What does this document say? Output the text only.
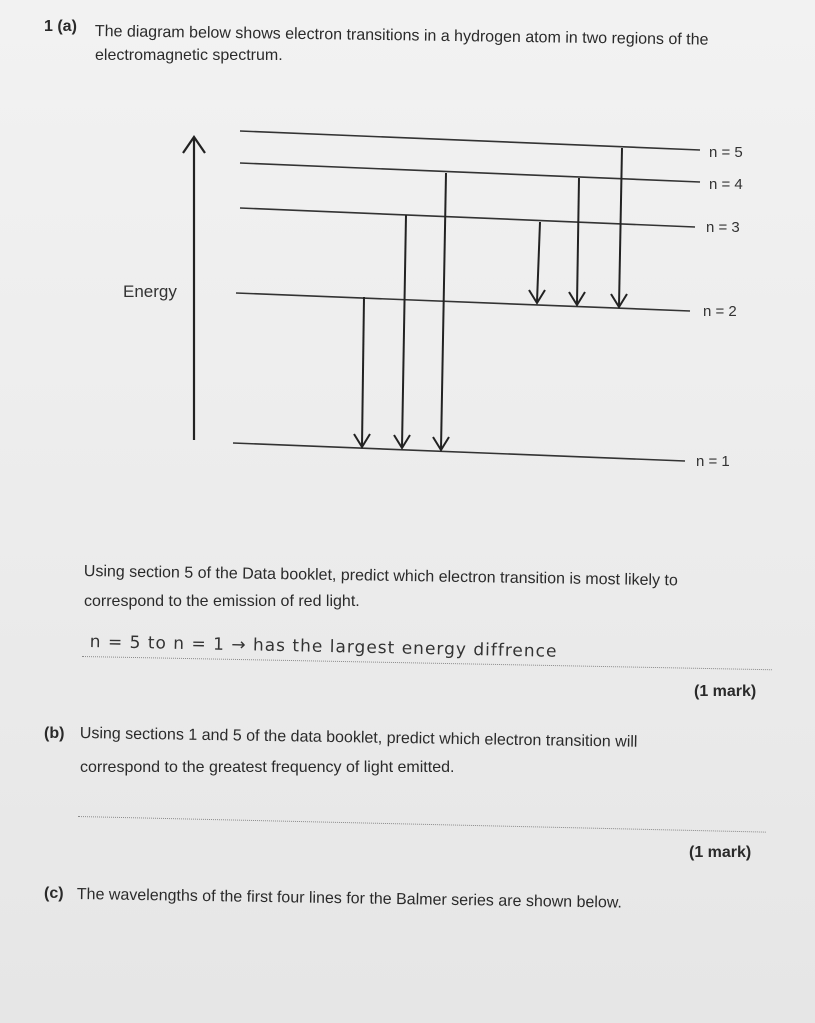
1 (a) The diagram below shows electron transitions in a hydrogen atom in two regions of the
electromagnetic spectrum.
Energy
n = 5
n = 4
n = 3
n = 2
n = 1
Using section 5 of the Data booklet, predict which electron transition is most likely to
correspond to the emission of red light.
n = 5 to n = 1 → has the largest energy diffrence
(1 mark)
(b) Using sections 1 and 5 of the data booklet, predict which electron transition will
correspond to the greatest frequency of light emitted.
(1 mark)
(c) The wavelengths of the first four lines for the Balmer series are shown below.
